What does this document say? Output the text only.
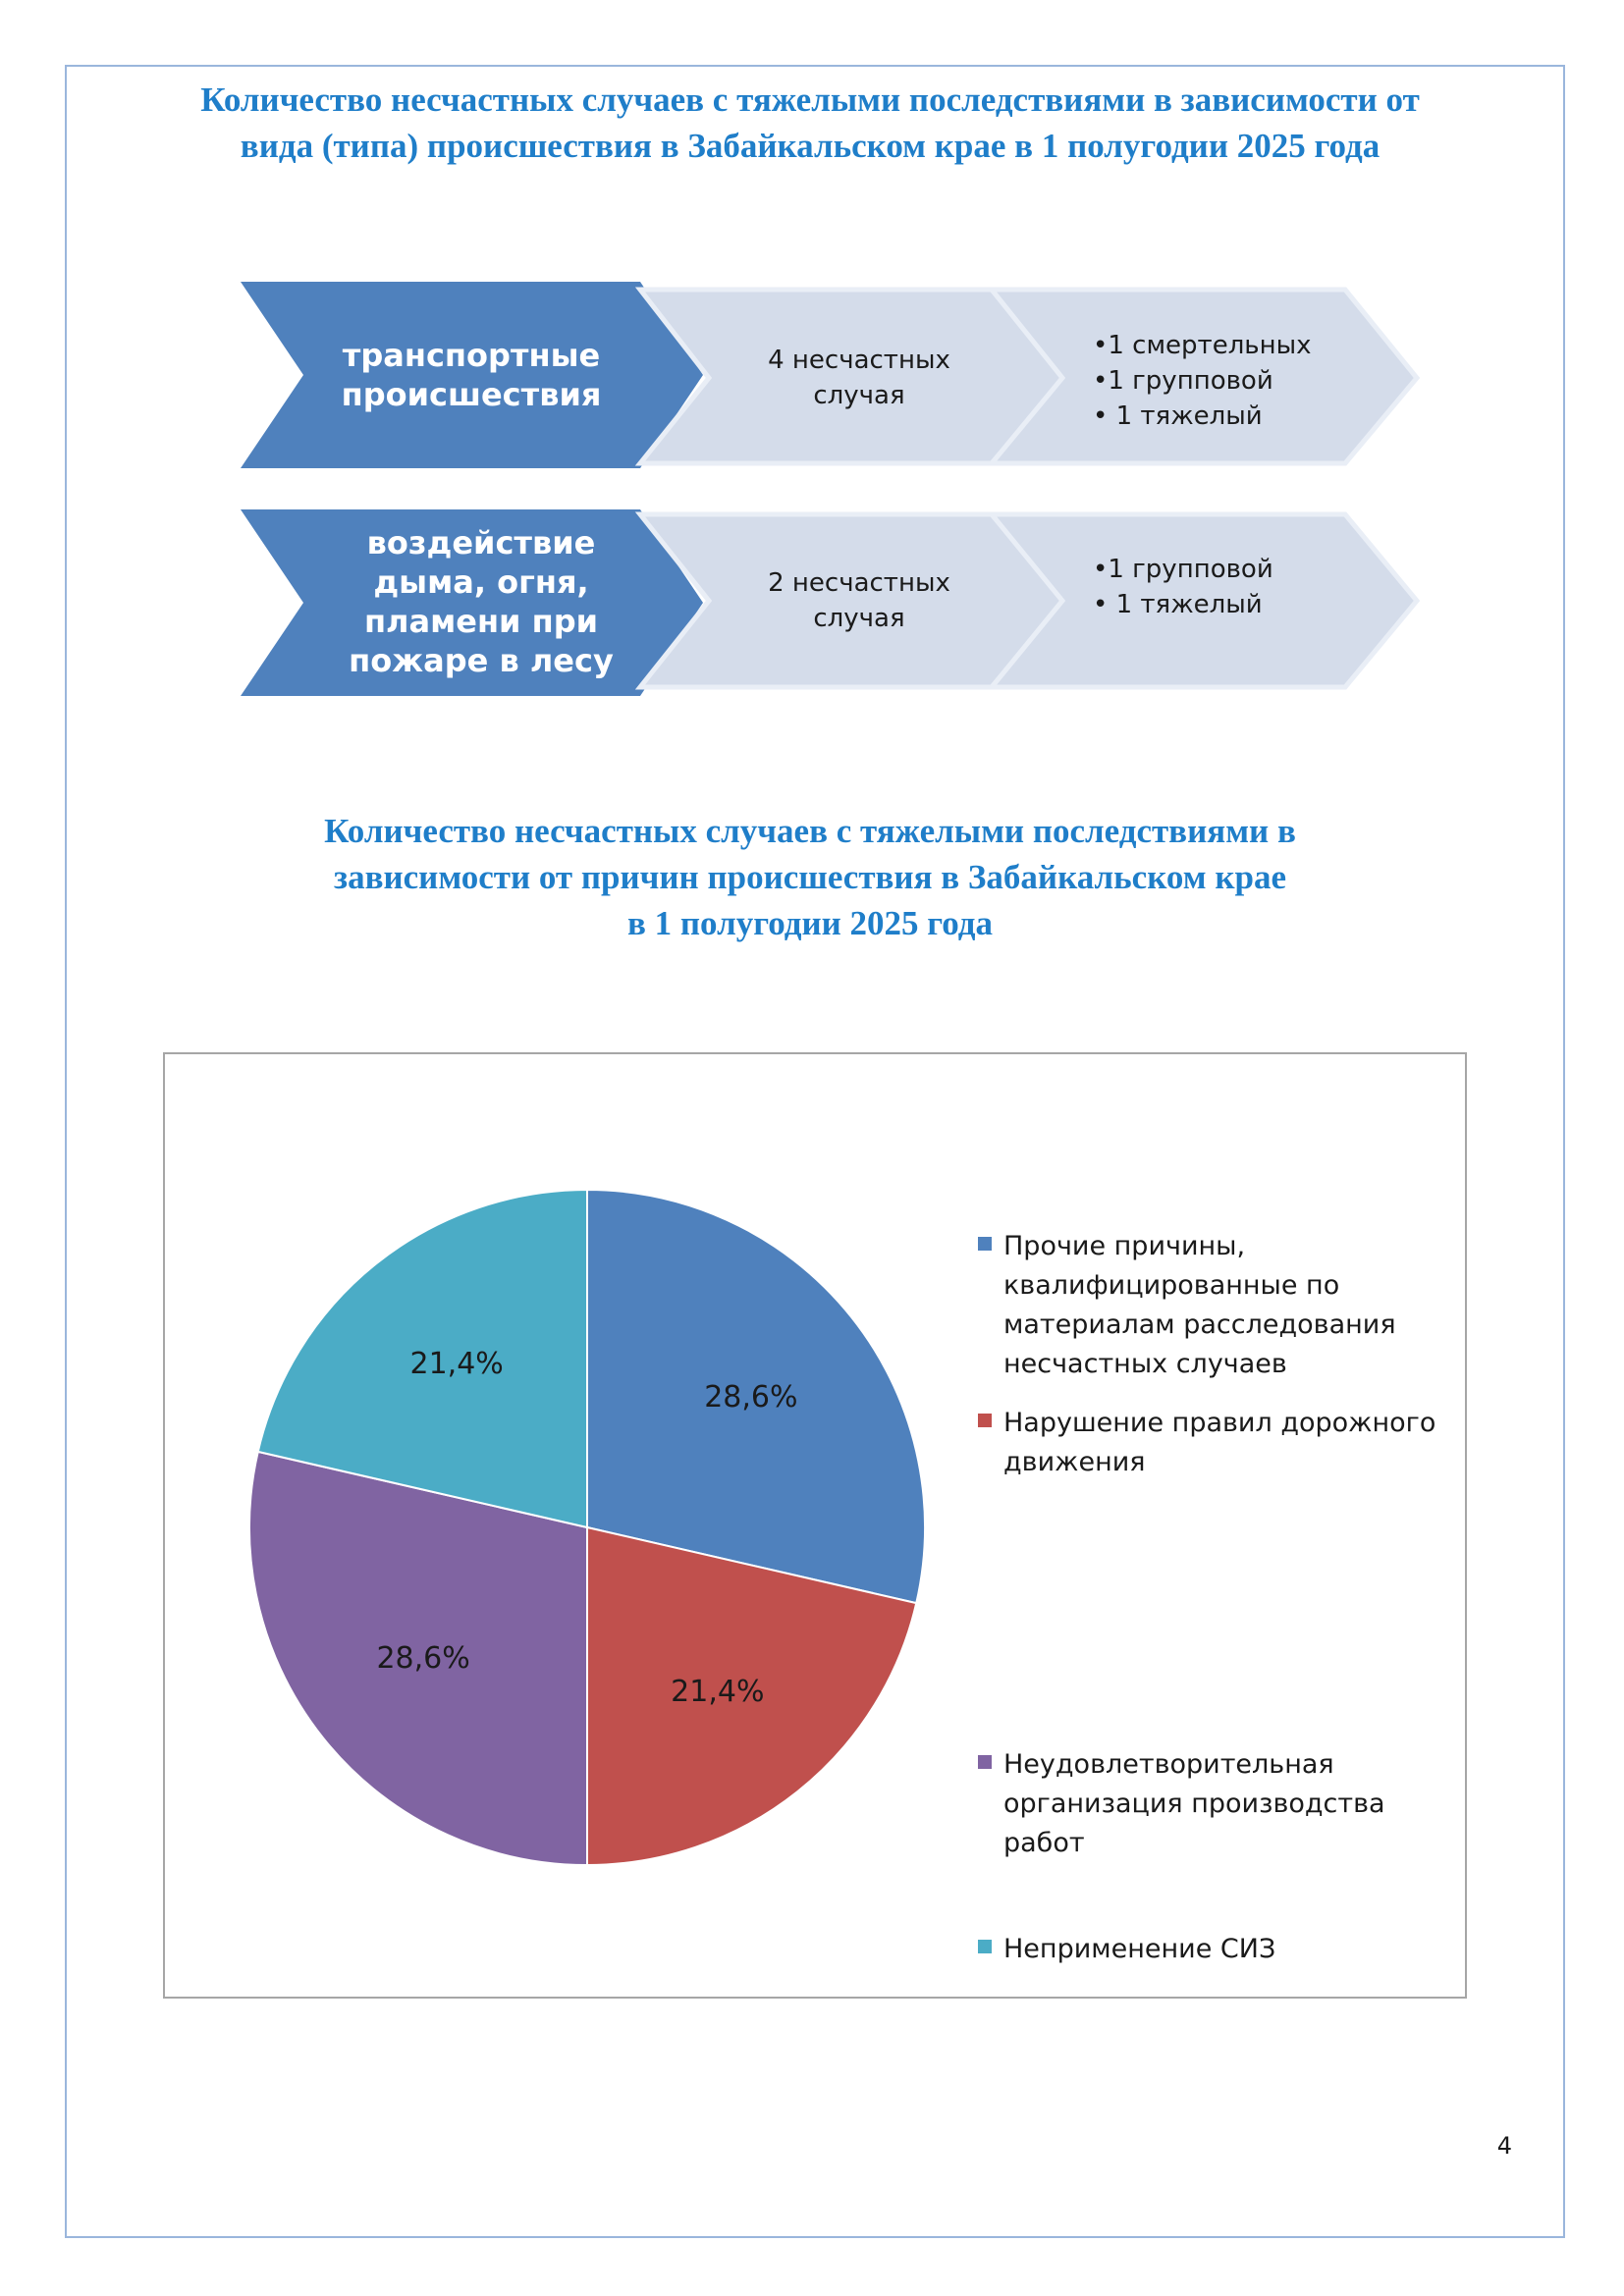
Количество несчастных случаев с тяжелыми последствиями в зависимости от
вида (типа) происшествия в Забайкальском крае в 1 полугодии 2025 года
транспортные
происшествия
4 несчастных
случая
•1 смертельных
•1 групповой
• 1 тяжелый
воздействие
дыма, огня,
пламени при
пожаре в лесу
2 несчастных
случая
•1 групповой
• 1 тяжелый
Количество несчастных случаев с тяжелыми последствиями в
зависимости от причин происшествия в Забайкальском крае
в 1 полугодии 2025 года
28,6%
21,4%
28,6%
21,4%
Прочие причины,
квалифицированные по
материалам расследования
несчастных случаев
Нарушение правил дорожного
движения
Неудовлетворительная
организация производства
работ
Неприменение СИЗ
4
